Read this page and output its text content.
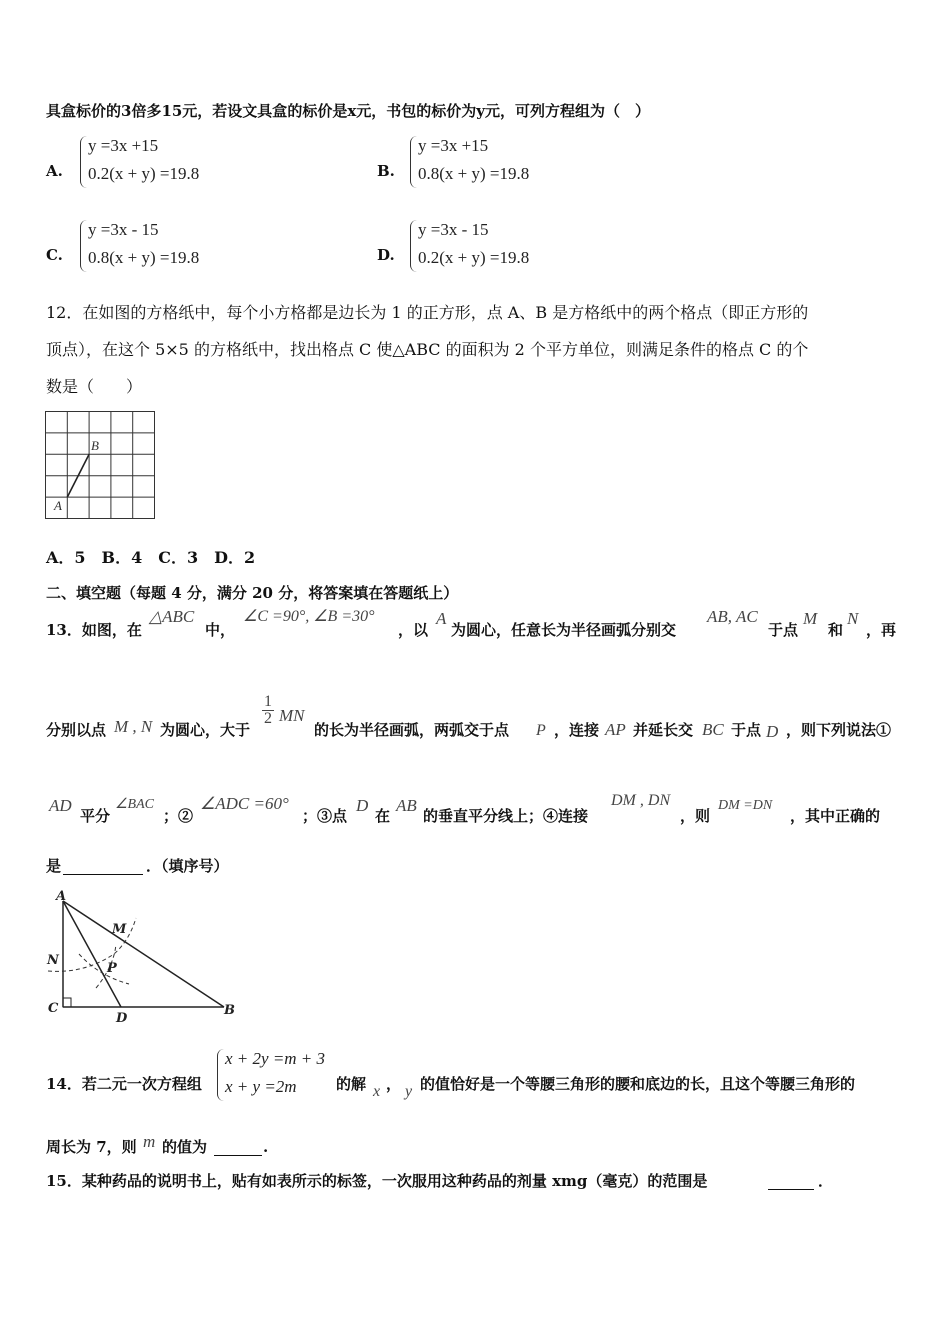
具盒标价的3倍多15元，若设文具盒的标价是x元，书包的标价为y元，可列方程组为（　）
A.
y =3x +15
0.2(x + y) =19.8	B.
y =3x +15
0.8(x + y) =19.8
C.
y =3x - 15
0.8(x + y) =19.8	D.
y =3x - 15
0.2(x + y) =19.8
12．在如图的方格纸中，每个小方格都是边长为 1 的正方形，点 A、B 是方格纸中的两个格点（即正方形的
顶点），在这个 5×5 的方格纸中，找出格点 C 使△ABC 的面积为 2 个平方单位，则满足条件的格点 C 的个
数是（　　）
A
B
A．5　B．4　C．3　D．2
二、填空题（每题 4 分，满分 20 分，将答案填在答题纸上）
13．如图，在
△ABC
中，
∠C =90°, ∠B =30°
，以
A
为圆心，任意长为半径画弧分别交
AB, AC
于点
M
和
N
，再
分别以点 M , N 为圆心，大于
$\frac{1}{2}$ MN
的长为半径画弧，两弧交于点 P ，连接 AP 并延长交 BC 于点 D ，则下列说法①
AD
平分
∠BAC
；②
∠ADC =60°
；③点
D
在
AB
的垂直平分线上；④连接
DM , DN
，则
DM =DN
，其中正确的
是	．（填序号）
A
M
N
P
C
D
B
14．若二元一次方程组
x + 2y =m + 3
x + y =2m	的解 x ， y 的值恰好是一个等腰三角形的腰和底边的长，且这个等腰三角形的
周长为 7，则 m 的值为	.
15．某种药品的说明书上，贴有如表所示的标签，一次服用这种药品的剂量 xmg（毫克）的范围是	．
